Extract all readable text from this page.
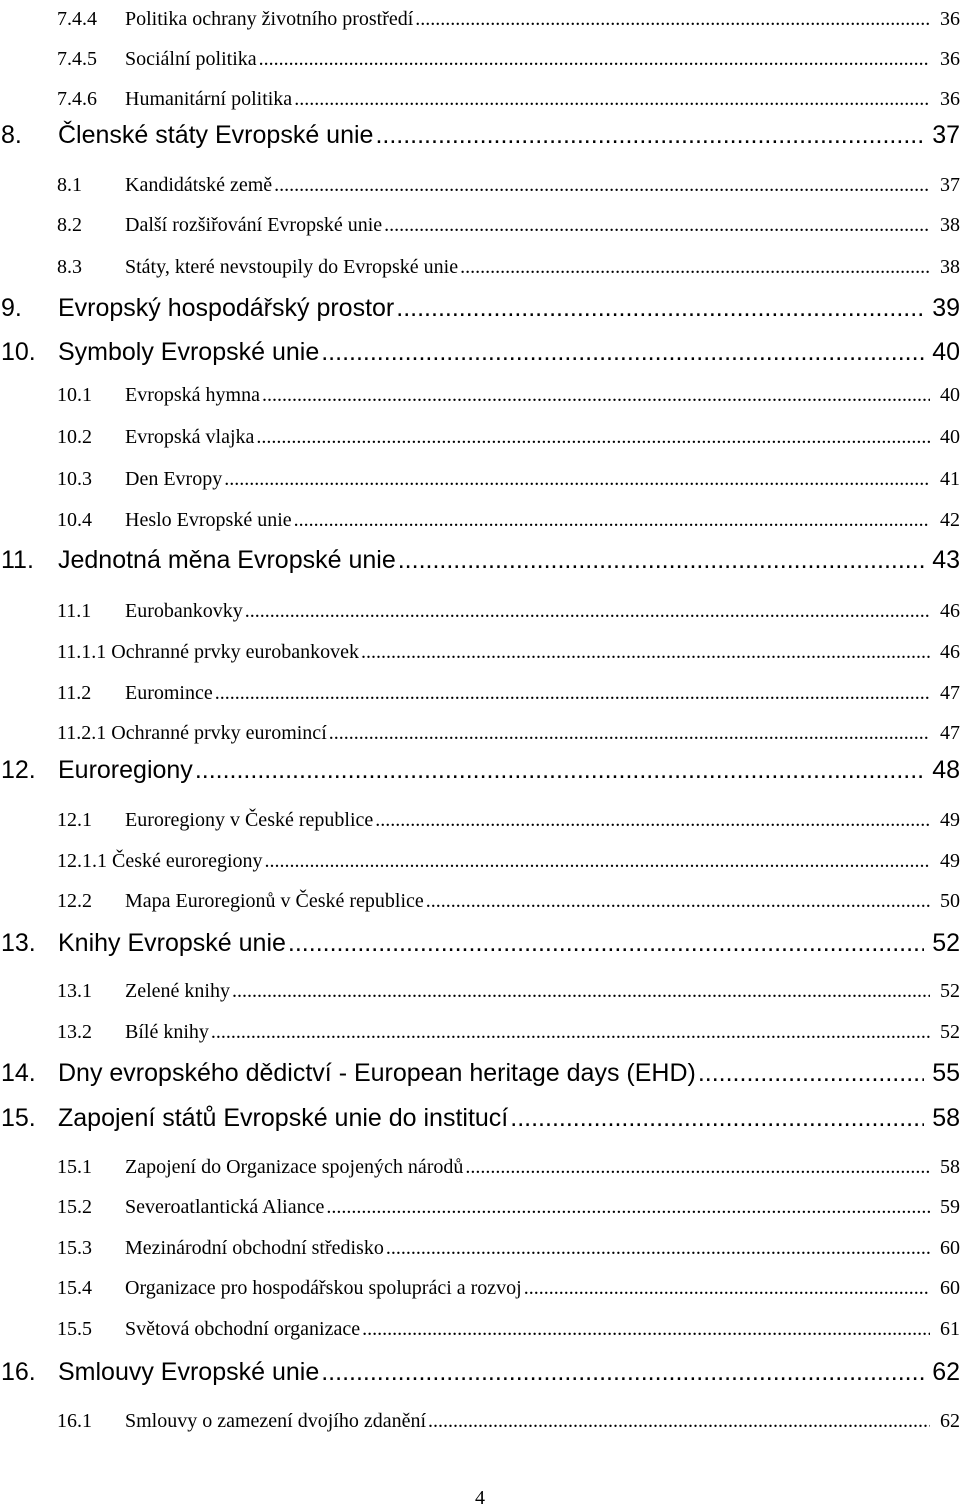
7.4.4	Politika ochrany životního prostředí .....	36
7.4.5	Sociální politika .....	36
7.4.6	Humanitární politika .....	36
8.	Členské státy Evropské unie .....	37
8.1	Kandidátské země .....	37
8.2	Další rozšiřování Evropské unie .....	38
8.3	Státy, které nevstoupily do Evropské unie .....	38
9.	Evropský hospodářský prostor .....	39
10. Symboly Evropské unie .....	40
10.1	Evropská hymna .....	40
10.2	Evropská vlajka .....	40
10.3	Den Evropy .....	41
10.4	Heslo Evropské unie .....	42
11. Jednotná měna Evropské unie .....	43
11.1	Eurobankovky .....	46
11.1.1 Ochranné prvky eurobankovek .....	46
11.2	Euromince .....	47
11.2.1 Ochranné prvky euromincí .....	47
12. Euroregiony .....	48
12.1	Euroregiony v České republice .....	49
12.1.1 České euroregiony .....	49
12.2	Mapa Euroregionů v České republice .....	50
13. Knihy Evropské unie .....	52
13.1	Zelené knihy .....	52
13.2	Bílé knihy .....	52
14. Dny evropského dědictví - European heritage days (EHD) .....	55
15. Zapojení států Evropské unie do institucí .....	58
15.1	Zapojení do Organizace spojených národů .....	58
15.2	Severoatlantická Aliance .....	59
15.3	Mezinárodní obchodní středisko .....	60
15.4	Organizace pro hospodářskou spolupráci a rozvoj .....	60
15.5	Světová obchodní organizace .....	61
16. Smlouvy Evropské unie .....	62
16.1	Smlouvy o zamezení dvojího zdanění .....	62
4
